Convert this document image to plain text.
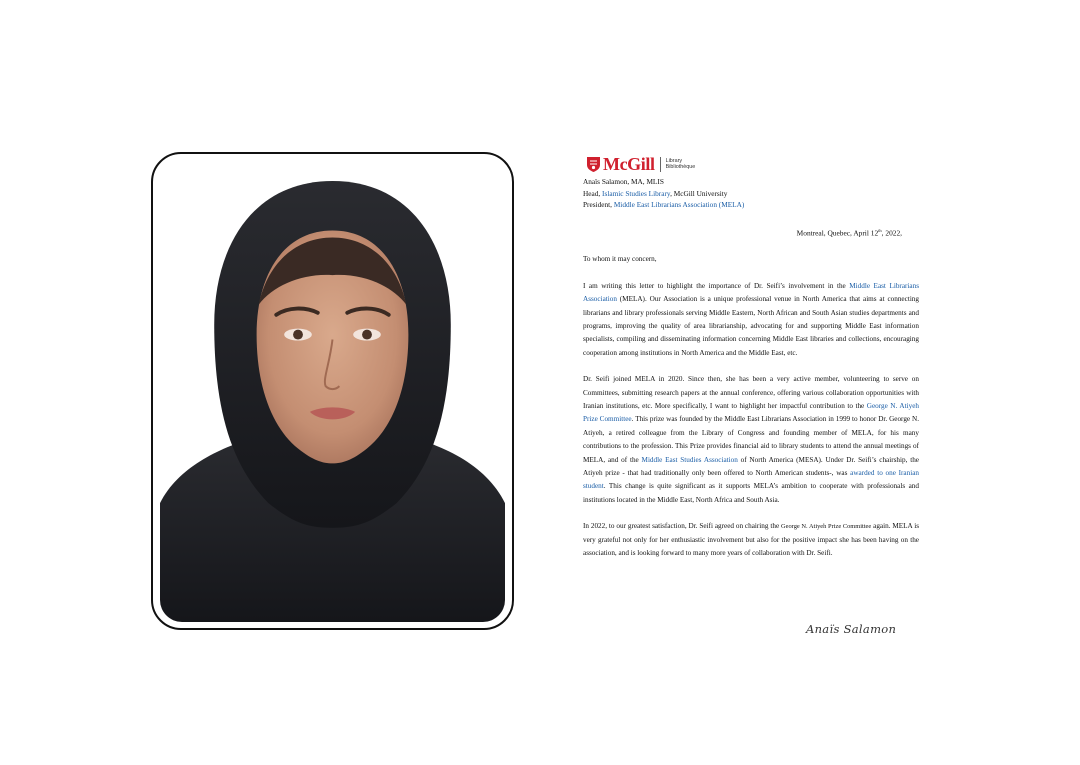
McGill Library
Bibliothèque
Anaïs Salamon, MA, MLIS
Head, Islamic Studies Library, McGill University
President, Middle East Librarians Association (MELA)
Montreal, Quebec, April 12th, 2022,
To whom it may concern,
I am writing this letter to highlight the importance of Dr. Seifi’s involvement in the Middle East Librarians Association (MELA). Our Association is a unique professional venue in North America that aims at connecting librarians and library professionals serving Middle Eastern, North African and South Asian studies departments and programs, improving the quality of area librarianship, advocating for and supporting Middle East information specialists, compiling and disseminating information concerning Middle East libraries and collections, encouraging cooperation among institutions in North America and the Middle East, etc.
Dr. Seifi joined MELA in 2020. Since then, she has been a very active member, volunteering to serve on Committees, submitting research papers at the annual conference, offering various collaboration opportunities with Iranian institutions, etc. More specifically, I want to highlight her impactful contribution to the George N. Atiyeh Prize Committee. This prize was founded by the Middle East Librarians Association in 1999 to honor Dr. George N. Atiyeh, a retired colleague from the Library of Congress and founding member of MELA, for his many contributions to the profession. This Prize provides financial aid to library students to attend the annual meetings of MELA, and of the Middle East Studies Association of North America (MESA). Under Dr. Seifi’s chairship, the Atiyeh prize - that had traditionally only been offered to North American students-, was awarded to one Iranian student. This change is quite significant as it supports MELA’s ambition to cooperate with professionals and institutions located in the Middle East, North Africa and South Asia.
In 2022, to our greatest satisfaction, Dr. Seifi agreed on chairing the George N. Atiyeh Prize Committee again. MELA is very grateful not only for her enthusiastic involvement but also for the positive impact she has been having on the association, and is looking forward to many more years of collaboration with Dr. Seifi.
Anaïs Salamon
